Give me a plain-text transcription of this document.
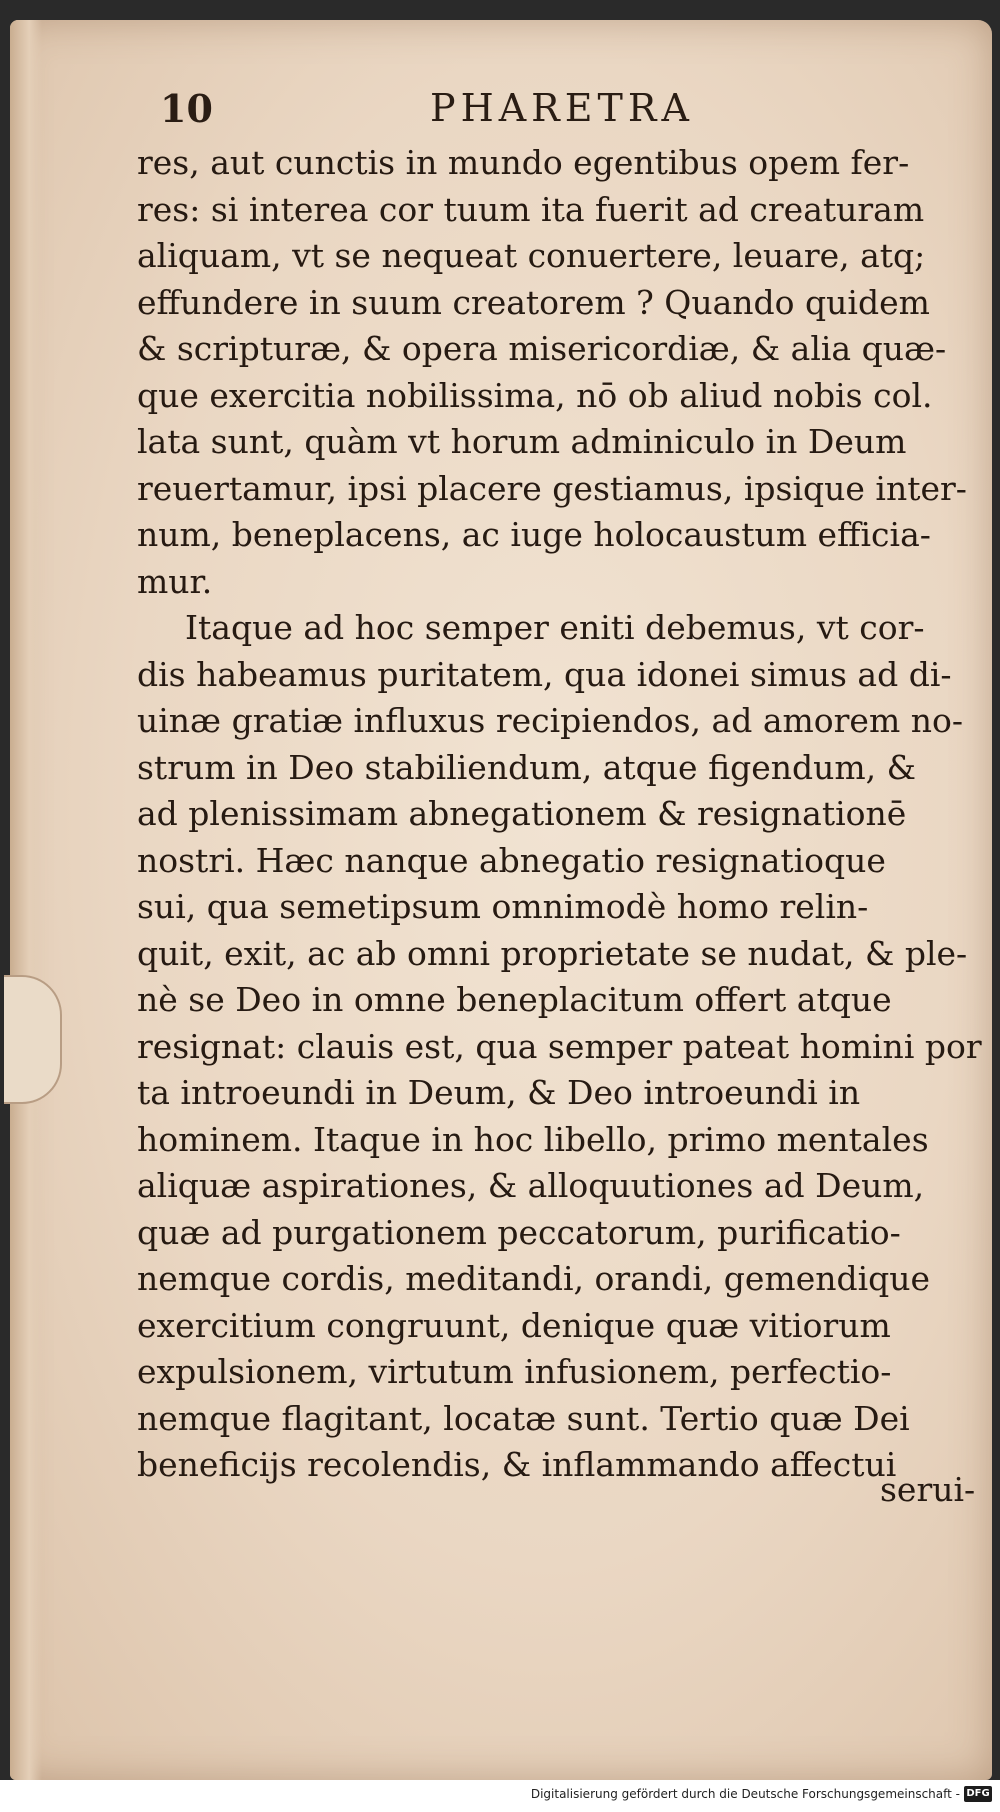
10	PHARETRA
res, aut cunctis in mundo egentibus opem fer-
res: si interea cor tuum ita fuerit ad creaturam
aliquam, vt se nequeat conuertere, leuare, atq;
effundere in suum creatorem ? Quando quidem
& scripturæ, & opera misericordiæ, & alia quæ-
que exercitia nobilissima, nō ob aliud nobis col.
lata sunt, quàm vt horum adminiculo in Deum
reuertamur, ipsi placere gestiamus, ipsique inter-
num, beneplacens, ac iuge holocaustum efficia-
mur.
Itaque ad hoc semper eniti debemus, vt cor-
dis habeamus puritatem, qua idonei simus ad di-
uinæ gratiæ influxus recipiendos, ad amorem no-
strum in Deo stabiliendum, atque figendum, &
ad plenissimam abnegationem & resignationē
nostri. Hæc nanque abnegatio resignatioque
sui, qua semetipsum omnimodè homo relin-
quit, exit, ac ab omni proprietate se nudat, & ple-
nè se Deo in omne beneplacitum offert atque
resignat: clauis est, qua semper pateat homini por
ta introeundi in Deum, & Deo introeundi in
hominem. Itaque in hoc libello, primo mentales
aliquæ aspirationes, & alloquutiones ad Deum,
quæ ad purgationem peccatorum, purificatio-
nemque cordis, meditandi, orandi, gemendique
exercitium congruunt, denique quæ vitiorum
expulsionem, virtutum infusionem, perfectio-
nemque flagitant, locatæ sunt. Tertio quæ Dei
beneficijs recolendis, & inflammando affectui
serui-
Digitalisierung gefördert durch die Deutsche Forschungsgemeinschaft - DFG
